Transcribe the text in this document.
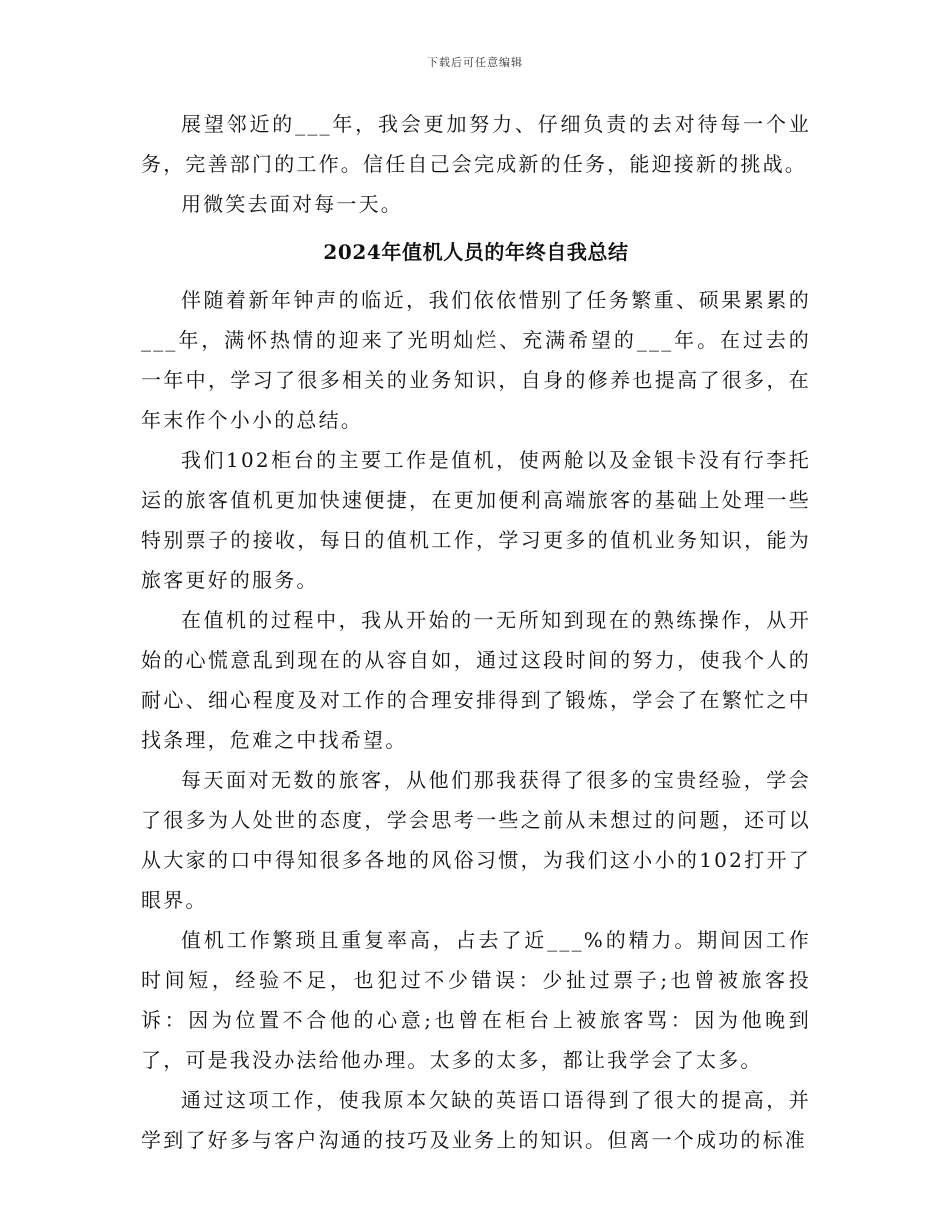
下载后可任意编辑

展望邻近的___年，我会更加努力、仔细负责的去对待每一个业务，完善部门的工作。信任自己会完成新的任务，能迎接新的挑战。

用微笑去面对每一天。

2024年值机人员的年终自我总结

伴随着新年钟声的临近，我们依依惜别了任务繁重、硕果累累的___年，满怀热情的迎来了光明灿烂、充满希望的___年。在过去的一年中，学习了很多相关的业务知识，自身的修养也提高了很多，在年末作个小小的总结。

我们102柜台的主要工作是值机，使两舱以及金银卡没有行李托运的旅客值机更加快速便捷，在更加便利高端旅客的基础上处理一些特别票子的接收，每日的值机工作，学习更多的值机业务知识，能为旅客更好的服务。

在值机的过程中，我从开始的一无所知到现在的熟练操作，从开始的心慌意乱到现在的从容自如，通过这段时间的努力，使我个人的耐心、细心程度及对工作的合理安排得到了锻炼，学会了在繁忙之中找条理，危难之中找希望。

每天面对无数的旅客，从他们那我获得了很多的宝贵经验，学会了很多为人处世的态度，学会思考一些之前从未想过的问题，还可以从大家的口中得知很多各地的风俗习惯，为我们这小小的102打开了眼界。

值机工作繁琐且重复率高，占去了近___%的精力。期间因工作时间短，经验不足，也犯过不少错误：少扯过票子;也曾被旅客投诉：因为位置不合他的心意;也曾在柜台上被旅客骂：因为他晚到了，可是我没办法给他办理。太多的太多，都让我学会了太多。

通过这项工作，使我原本欠缺的英语口语得到了很大的提高，并学到了好多与客户沟通的技巧及业务上的知识。但离一个成功的标准
